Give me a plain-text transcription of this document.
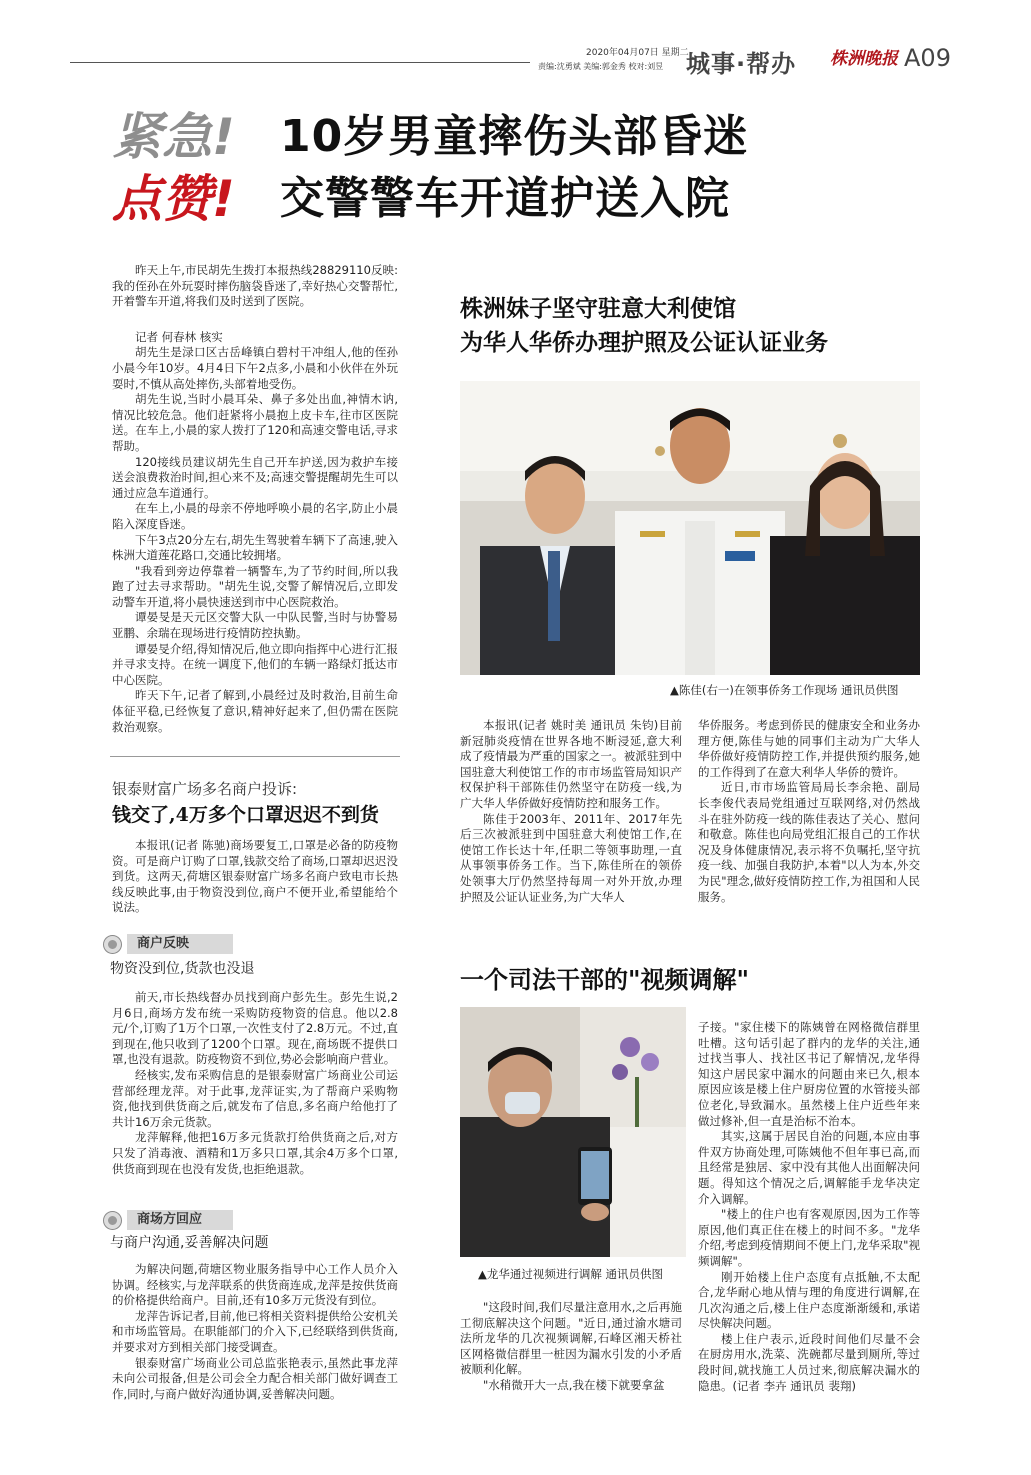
2020年04月07日 星期二
责编:沈勇斌 美编:郭金秀 校对:刘昱 城事·帮办 株洲晚报 A09
紧急!
点赞!
10岁男童摔伤头部昏迷
交警警车开道护送入院

昨天上午,市民胡先生拨打本报热线28829110反映:我的侄孙在外玩耍时摔伤脑袋昏迷了,幸好热心交警帮忙,开着警车开道,将我们及时送到了医院。

记者 何春林 核实

胡先生是渌口区古岳峰镇白碧村干冲组人,他的侄孙小晨今年10岁。4月4日下午2点多,小晨和小伙伴在外玩耍时,不慎从高处摔伤,头部着地受伤。

胡先生说,当时小晨耳朵、鼻子多处出血,神情木讷,情况比较危急。他们赶紧将小晨抱上皮卡车,往市区医院送。在车上,小晨的家人拨打了120和高速交警电话,寻求帮助。

120接线员建议胡先生自己开车护送,因为救护车接送会浪费救治时间,担心来不及;高速交警提醒胡先生可以通过应急车道通行。

在车上,小晨的母亲不停地呼唤小晨的名字,防止小晨陷入深度昏迷。

下午3点20分左右,胡先生驾驶着车辆下了高速,驶入株洲大道莲花路口,交通比较拥堵。

"我看到旁边停靠着一辆警车,为了节约时间,所以我跑了过去寻求帮助。"胡先生说,交警了解情况后,立即发动警车开道,将小晨快速送到市中心医院救治。

谭晏旻是天元区交警大队一中队民警,当时与协警易亚鹏、余瑞在现场进行疫情防控执勤。

谭晏旻介绍,得知情况后,他立即向指挥中心进行汇报并寻求支持。在统一调度下,他们的车辆一路绿灯抵达市中心医院。

昨天下午,记者了解到,小晨经过及时救治,目前生命体征平稳,已经恢复了意识,精神好起来了,但仍需在医院救治观察。

银泰财富广场多名商户投诉:
钱交了,4万多个口罩迟迟不到货

本报讯(记者 陈驰)商场要复工,口罩是必备的防疫物资。可是商户订购了口罩,钱款交给了商场,口罩却迟迟没到货。这两天,荷塘区银泰财富广场多名商户致电市长热线反映此事,由于物资没到位,商户不便开业,希望能给个说法。

商户反映
物资没到位,货款也没退

前天,市长热线督办员找到商户彭先生。彭先生说,2月6日,商场方发布统一采购防疫物资的信息。他以2.8元/个,订购了1万个口罩,一次性支付了2.8万元。不过,直到现在,他只收到了1200个口罩。现在,商场既不提供口罩,也没有退款。防疫物资不到位,势必会影响商户营业。

经核实,发布采购信息的是银泰财富广场商业公司运营部经理龙萍。对于此事,龙萍证实,为了帮商户采购物资,他找到供货商之后,就发布了信息,多名商户给他打了共计16万余元货款。

龙萍解释,他把16万多元货款打给供货商之后,对方只发了消毒液、酒精和1万多只口罩,其余4万多个口罩,供货商到现在也没有发货,也拒绝退款。

商场方回应
与商户沟通,妥善解决问题

为解决问题,荷塘区物业服务指导中心工作人员介入协调。经核实,与龙萍联系的供货商连成,龙萍是按供货商的价格提供给商户。目前,还有10多万元货没有到位。

龙萍告诉记者,目前,他已将相关资料提供给公安机关和市场监管局。在职能部门的介入下,已经联络到供货商,并要求对方到相关部门接受调查。

银泰财富广场商业公司总监张艳表示,虽然此事龙萍未向公司报备,但是公司会全力配合相关部门做好调查工作,同时,与商户做好沟通协调,妥善解决问题。

株洲妹子坚守驻意大利使馆
为华人华侨办理护照及公证认证业务
▲陈佳(右一)在领事侨务工作现场 通讯员供图

本报讯(记者 姚时美 通讯员 朱钧)目前新冠肺炎疫情在世界各地不断浸延,意大利成了疫情最为严重的国家之一。被派驻到中国驻意大利使馆工作的市市场监管局知识产权保护科干部陈佳仍然坚守在防疫一线,为广大华人华侨做好疫情防控和服务工作。

陈佳于2003年、2011年、2017年先后三次被派驻到中国驻意大利使馆工作,在使馆工作长达十年,任职二等领事助理,一直从事领事侨务工作。当下,陈佳所在的领侨处领事大厅仍然坚持每周一对外开放,办理护照及公证认证业务,为广大华人

华侨服务。考虑到侨民的健康安全和业务办理方便,陈佳与她的同事们主动为广大华人华侨做好疫情防控工作,并提供预约服务,她的工作得到了在意大利华人华侨的赞许。

近日,市市场监管局局长李余艳、副局长李俊代表局党组通过互联网络,对仍然战斗在驻外防疫一线的陈佳表达了关心、慰问和敬意。陈佳也向局党组汇报自己的工作状况及身体健康情况,表示将不负嘱托,坚守抗疫一线、加强自我防护,本着"以人为本,外交为民"理念,做好疫情防控工作,为祖国和人民服务。

一个司法干部的"视频调解"
▲龙华通过视频进行调解 通讯员供图

"这段时间,我们尽量注意用水,之后再施工彻底解决这个问题。"近日,通过渝水塘司法所龙华的几次视频调解,石峰区湘天桥社区网格微信群里一桩因为漏水引发的小矛盾被顺利化解。

"水稍微开大一点,我在楼下就要拿盆

子接。"家住楼下的陈姨曾在网格微信群里吐槽。这句话引起了群内的龙华的关注,通过找当事人、找社区书记了解情况,龙华得知这户居民家中漏水的问题由来已久,根本原因应该是楼上住户厨房位置的水管接头部位老化,导致漏水。虽然楼上住户近些年来做过修补,但一直是治标不治本。

其实,这属于居民自治的问题,本应由事件双方协商处理,可陈姨他不但年事已高,而且经常是独居、家中没有其他人出面解决问题。得知这个情况之后,调解能手龙华决定介入调解。

"楼上的住户也有客观原因,因为工作等原因,他们真正住在楼上的时间不多。"龙华介绍,考虑到疫情期间不便上门,龙华采取"视频调解"。

刚开始楼上住户态度有点抵触,不太配合,龙华耐心地从情与理的角度进行调解,在几次沟通之后,楼上住户态度渐渐缓和,承诺尽快解决问题。

楼上住户表示,近段时间他们尽量不会在厨房用水,洗菜、洗碗都尽量到厕所,等过段时间,就找施工人员过来,彻底解决漏水的隐患。(记者 李卉 通讯员 裴翔)
